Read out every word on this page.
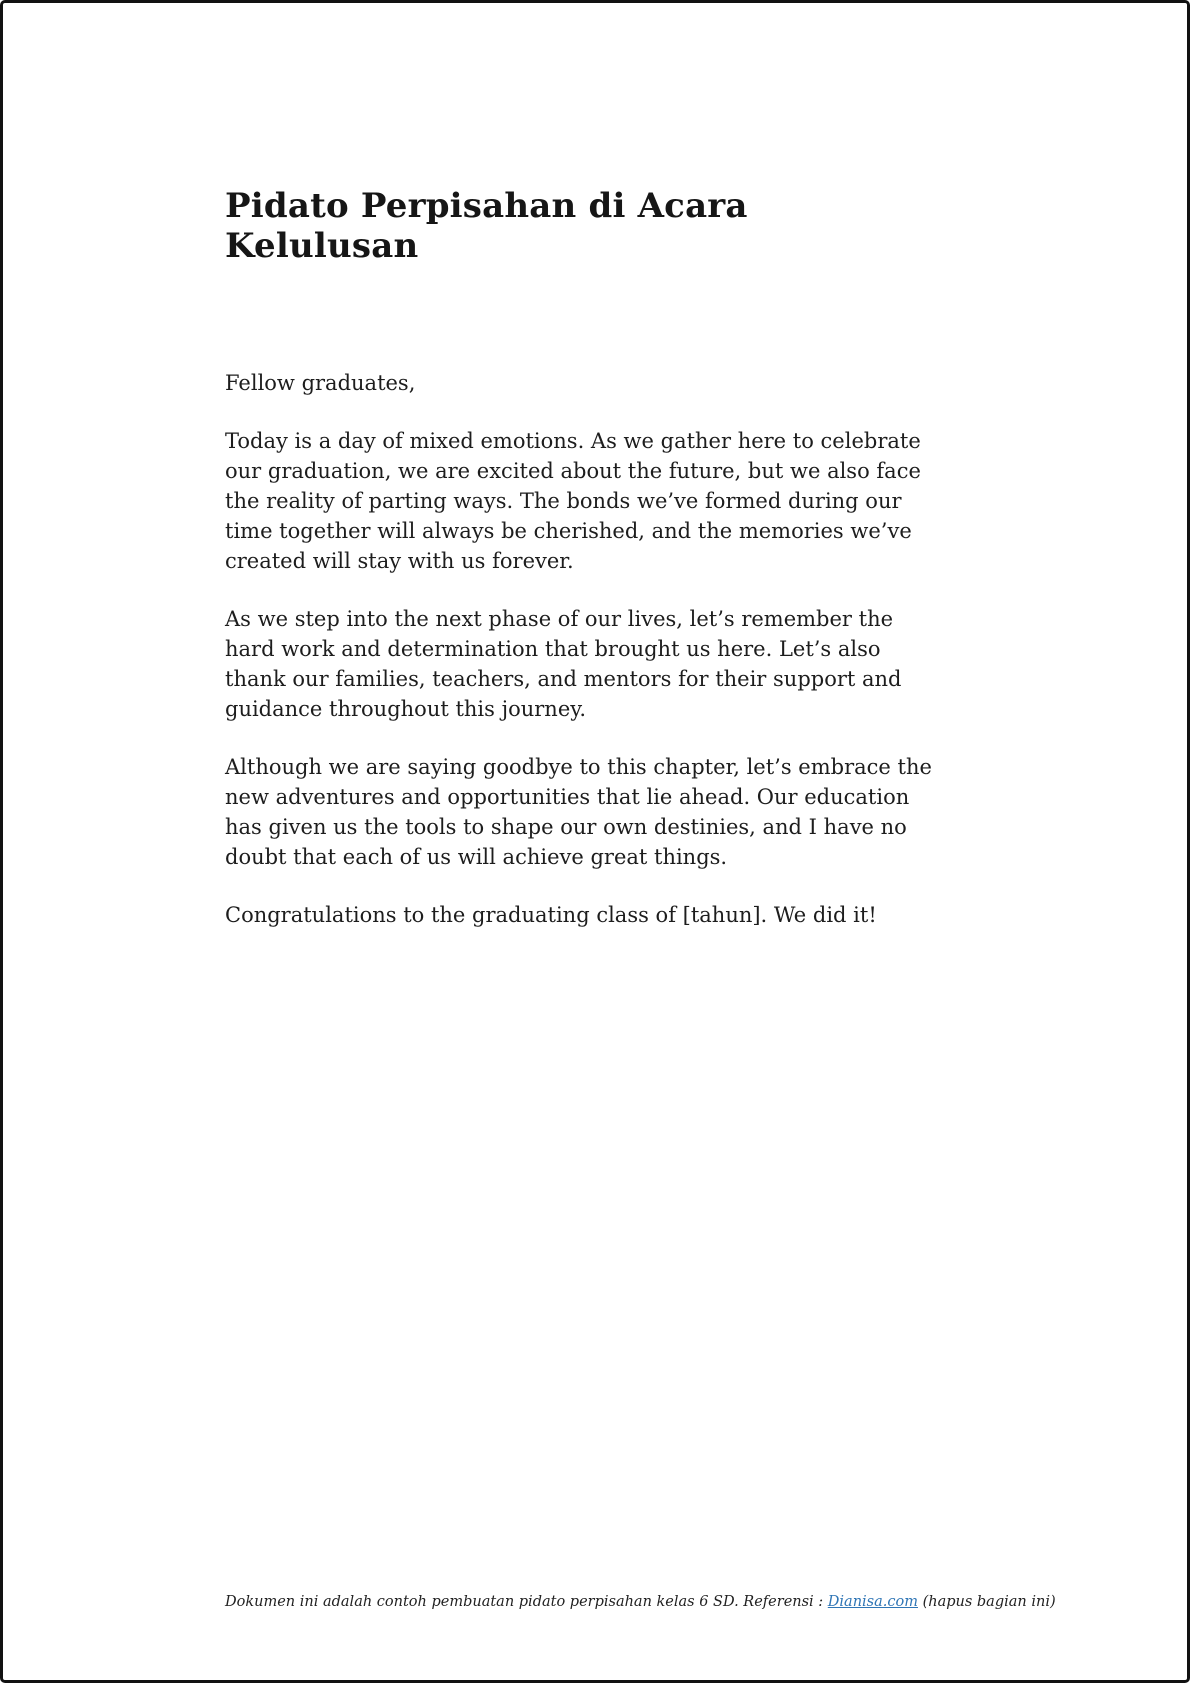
Pidato Perpisahan di Acara Kelulusan

Fellow graduates,

Today is a day of mixed emotions. As we gather here to celebrate our graduation, we are excited about the future, but we also face the reality of parting ways. The bonds we’ve formed during our time together will always be cherished, and the memories we’ve created will stay with us forever.

As we step into the next phase of our lives, let’s remember the hard work and determination that brought us here. Let’s also thank our families, teachers, and mentors for their support and guidance throughout this journey.

Although we are saying goodbye to this chapter, let’s embrace the new adventures and opportunities that lie ahead. Our education has given us the tools to shape our own destinies, and I have no doubt that each of us will achieve great things.

Congratulations to the graduating class of [tahun]. We did it!

Dokumen ini adalah contoh pembuatan pidato perpisahan kelas 6 SD. Referensi : Dianisa.com (hapus bagian ini)
